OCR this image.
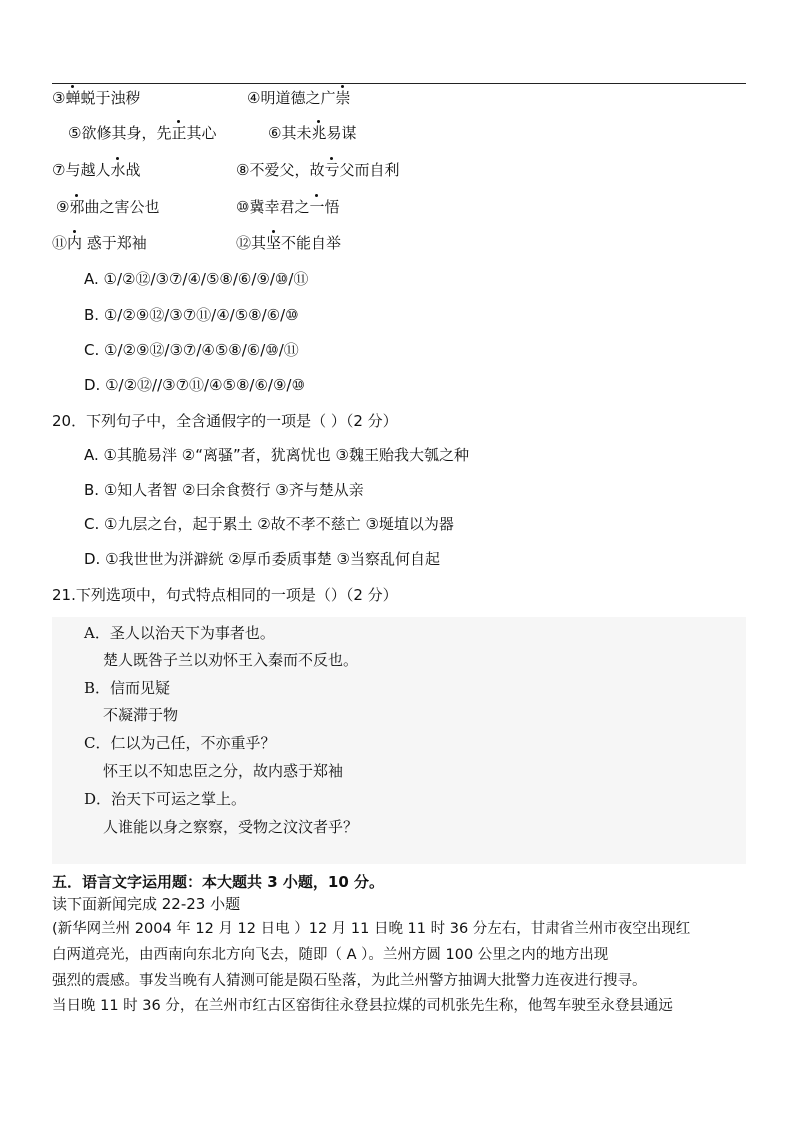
③蝉蜕于浊秽	④明道德之广崇
⑤欲修其身，先正其心	⑥其未兆易谋
⑦与越人水战	⑧不爱父，故亏父而自利
⑨邪曲之害公也	⑩冀幸君之一悟
⑪内 惑于郑袖	⑫其坚不能自举
A. ①/②⑫/③⑦/④/⑤⑧/⑥/⑨/⑩/⑪
B. ①/②⑨⑫/③⑦⑪/④/⑤⑧/⑥/⑩
C. ①/②⑨⑫/③⑦/④⑤⑧/⑥/⑩/⑪
D. ①/②⑫//③⑦⑪/④⑤⑧/⑥/⑨/⑩
20．下列句子中，全含通假字的一项是（ ）（2 分）
A. ①其脆易泮 ②“离骚”者，犹离忧也 ③魏王贻我大瓠之种
B. ①知人者智 ②曰余食赘行 ③齐与楚从亲
C. ①九层之台，起于累土 ②故不孝不慈亡 ③埏埴以为器
D. ①我世世为洴澼絖 ②厚币委质事楚 ③当察乱何自起
21.下列选项中，句式特点相同的一项是（）（2 分）
A．圣人以治天下为事者也。
楚人既咎子兰以劝怀王入秦而不反也。
B．信而见疑
不凝滞于物
C．仁以为己任，不亦重乎？
怀王以不知忠臣之分，故内惑于郑袖
D．治天下可运之掌上。
人谁能以身之察察，受物之汶汶者乎？
五．语言文字运用题：本大题共 3 小题，10 分。
读下面新闻完成 22-23 小题
(新华网兰州 2004 年 12 月 12 日电 ）12 月 11 日晚 11 时 36 分左右，甘肃省兰州市夜空出现红
白两道亮光，由西南向东北方向飞去，随即（ A ）。兰州方圆 100 公里之内的地方出现
强烈的震感。事发当晚有人猜测可能是陨石坠落，为此兰州警方抽调大批警力连夜进行搜寻。
当日晚 11 时 36 分，在兰州市红古区窑街往永登县拉煤的司机张先生称，他驾车驶至永登县通远
